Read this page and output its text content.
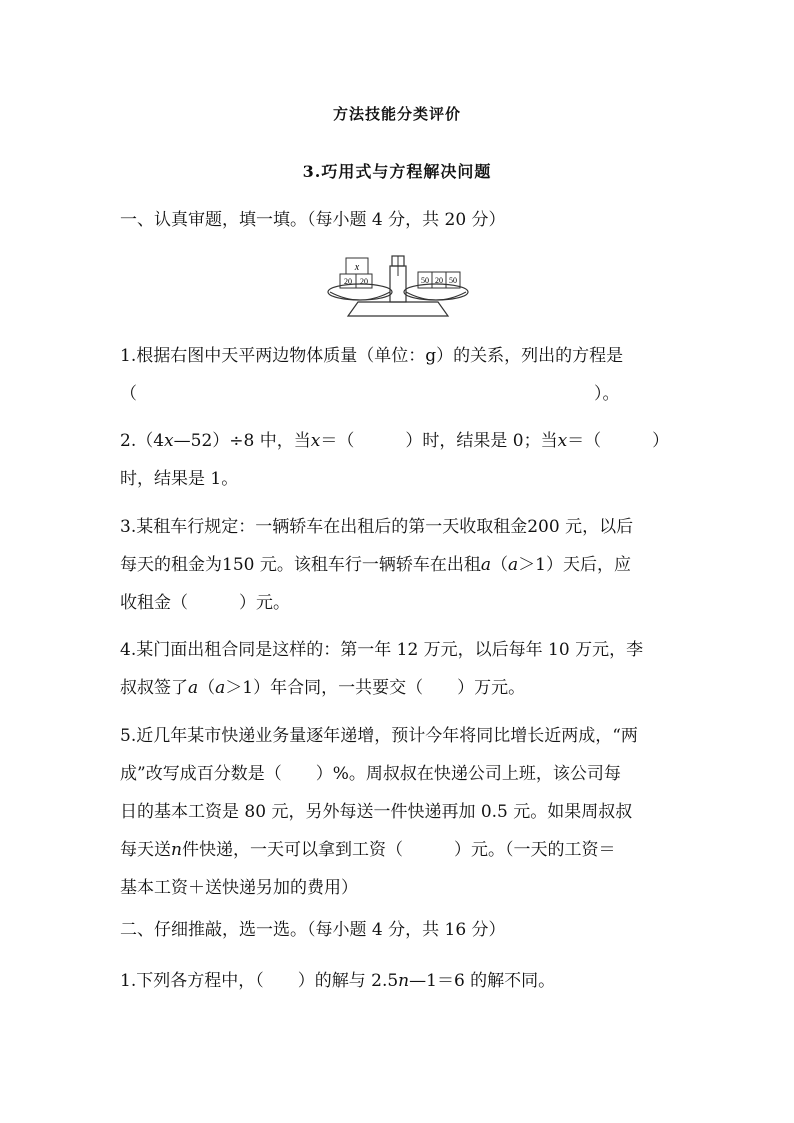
方法技能分类评价
3.巧用式与方程解决问题

一、认真审题，填一填。（每小题 4 分，共 20 分）

x
20 20	50 20 50
1.根据右图中天平两边物体质量（单位：g）的关系，列出的方程是
（	）。
2.（4x—52）÷8 中，当x＝（　　　）时，结果是 0；当x＝（　　　）
时，结果是 1。
3.某租车行规定：一辆轿车在出租后的第一天收取租金200 元，以后
每天的租金为150 元。该租车行一辆轿车在出租a（a＞1）天后，应
收租金（　　　）元。
4.某门面出租合同是这样的：第一年 12 万元，以后每年 10 万元，李
叔叔签了a（a＞1）年合同，一共要交（　　）万元。
5.近几年某市快递业务量逐年递增，预计今年将同比增长近两成，“两
成”改写成百分数是（　　）%。周叔叔在快递公司上班，该公司每
日的基本工资是 80 元，另外每送一件快递再加 0.5 元。如果周叔叔
每天送n件快递，一天可以拿到工资（　　　）元。（一天的工资＝
基本工资＋送快递另加的费用）

二、仔细推敲，选一选。（每小题 4 分，共 16 分）

1.下列各方程中，（　　）的解与 2.5n—1＝6 的解不同。
